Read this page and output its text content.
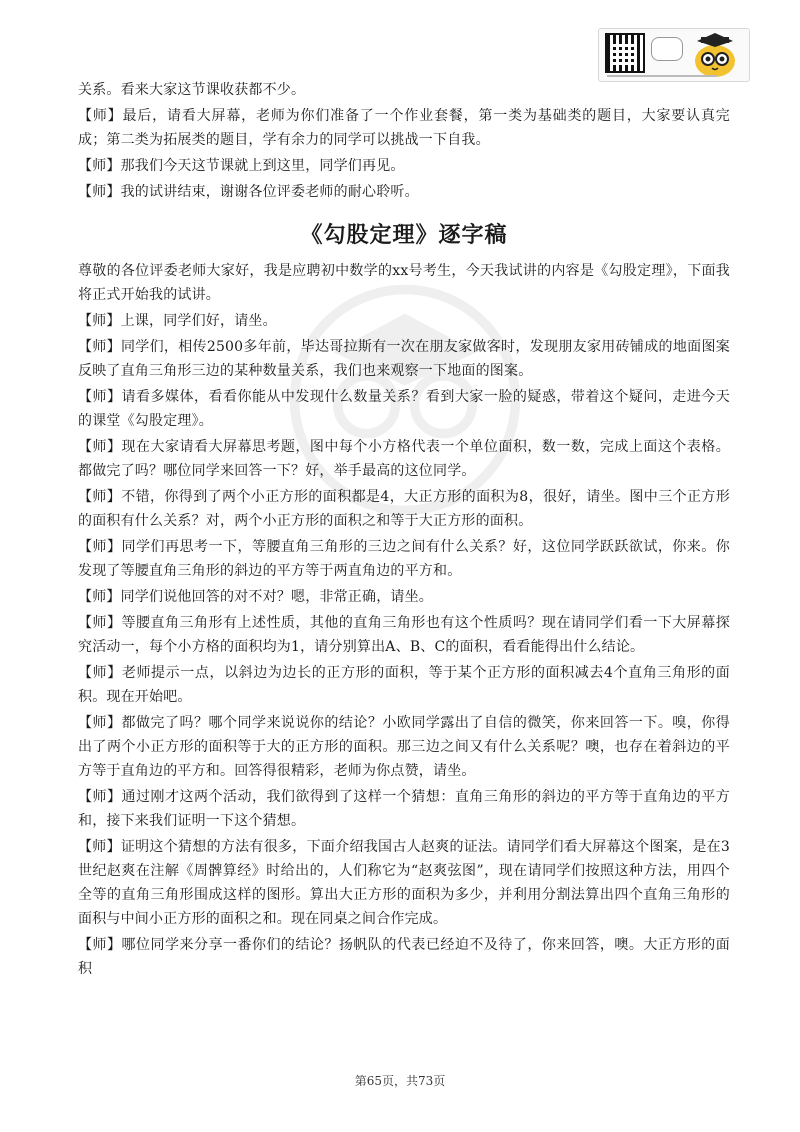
关系。看来大家这节课收获都不少。

【师】最后，请看大屏幕，老师为你们准备了一个作业套餐，第一类为基础类的题目，大家要认真完成；第二类为拓展类的题目，学有余力的同学可以挑战一下自我。

【师】那我们今天这节课就上到这里，同学们再见。

【师】我的试讲结束，谢谢各位评委老师的耐心聆听。

《勾股定理》逐字稿

尊敬的各位评委老师大家好，我是应聘初中数学的xx号考生，今天我试讲的内容是《勾股定理》，下面我将正式开始我的试讲。

【师】上课，同学们好，请坐。

【师】同学们，相传2500多年前，毕达哥拉斯有一次在朋友家做客时，发现朋友家用砖铺成的地面图案反映了直角三角形三边的某种数量关系，我们也来观察一下地面的图案。

【师】请看多媒体，看看你能从中发现什么数量关系？看到大家一脸的疑惑，带着这个疑问，走进今天的课堂《勾股定理》。

【师】现在大家请看大屏幕思考题，图中每个小方格代表一个单位面积，数一数，完成上面这个表格。都做完了吗？哪位同学来回答一下？好，举手最高的这位同学。

【师】不错，你得到了两个小正方形的面积都是4，大正方形的面积为8，很好，请坐。图中三个正方形的面积有什么关系？对，两个小正方形的面积之和等于大正方形的面积。

【师】同学们再思考一下，等腰直角三角形的三边之间有什么关系？好，这位同学跃跃欲试，你来。你发现了等腰直角三角形的斜边的平方等于两直角边的平方和。

【师】同学们说他回答的对不对？嗯，非常正确，请坐。

【师】等腰直角三角形有上述性质，其他的直角三角形也有这个性质吗？现在请同学们看一下大屏幕探究活动一，每个小方格的面积均为1，请分别算出A、B、C的面积，看看能得出什么结论。

【师】老师提示一点，以斜边为边长的正方形的面积，等于某个正方形的面积减去4个直角三角形的面积。现在开始吧。

【师】都做完了吗？哪个同学来说说你的结论？小欧同学露出了自信的微笑，你来回答一下。嗅，你得出了两个小正方形的面积等于大的正方形的面积。那三边之间又有什么关系呢？噢，也存在着斜边的平方等于直角边的平方和。回答得很精彩，老师为你点赞，请坐。

【师】通过刚才这两个活动，我们欲得到了这样一个猜想：直角三角形的斜边的平方等于直角边的平方和，接下来我们证明一下这个猜想。

【师】证明这个猜想的方法有很多，下面介绍我国古人赵爽的证法。请同学们看大屏幕这个图案，是在3世纪赵爽在注解《周髀算经》时给出的，人们称它为“赵爽弦图”，现在请同学们按照这种方法，用四个全等的直角三角形围成这样的图形。算出大正方形的面积为多少，并利用分割法算出四个直角三角形的面积与中间小正方形的面积之和。现在同桌之间合作完成。

【师】哪位同学来分享一番你们的结论？扬帆队的代表已经迫不及待了，你来回答，噢。大正方形的面积

第65页，共73页
